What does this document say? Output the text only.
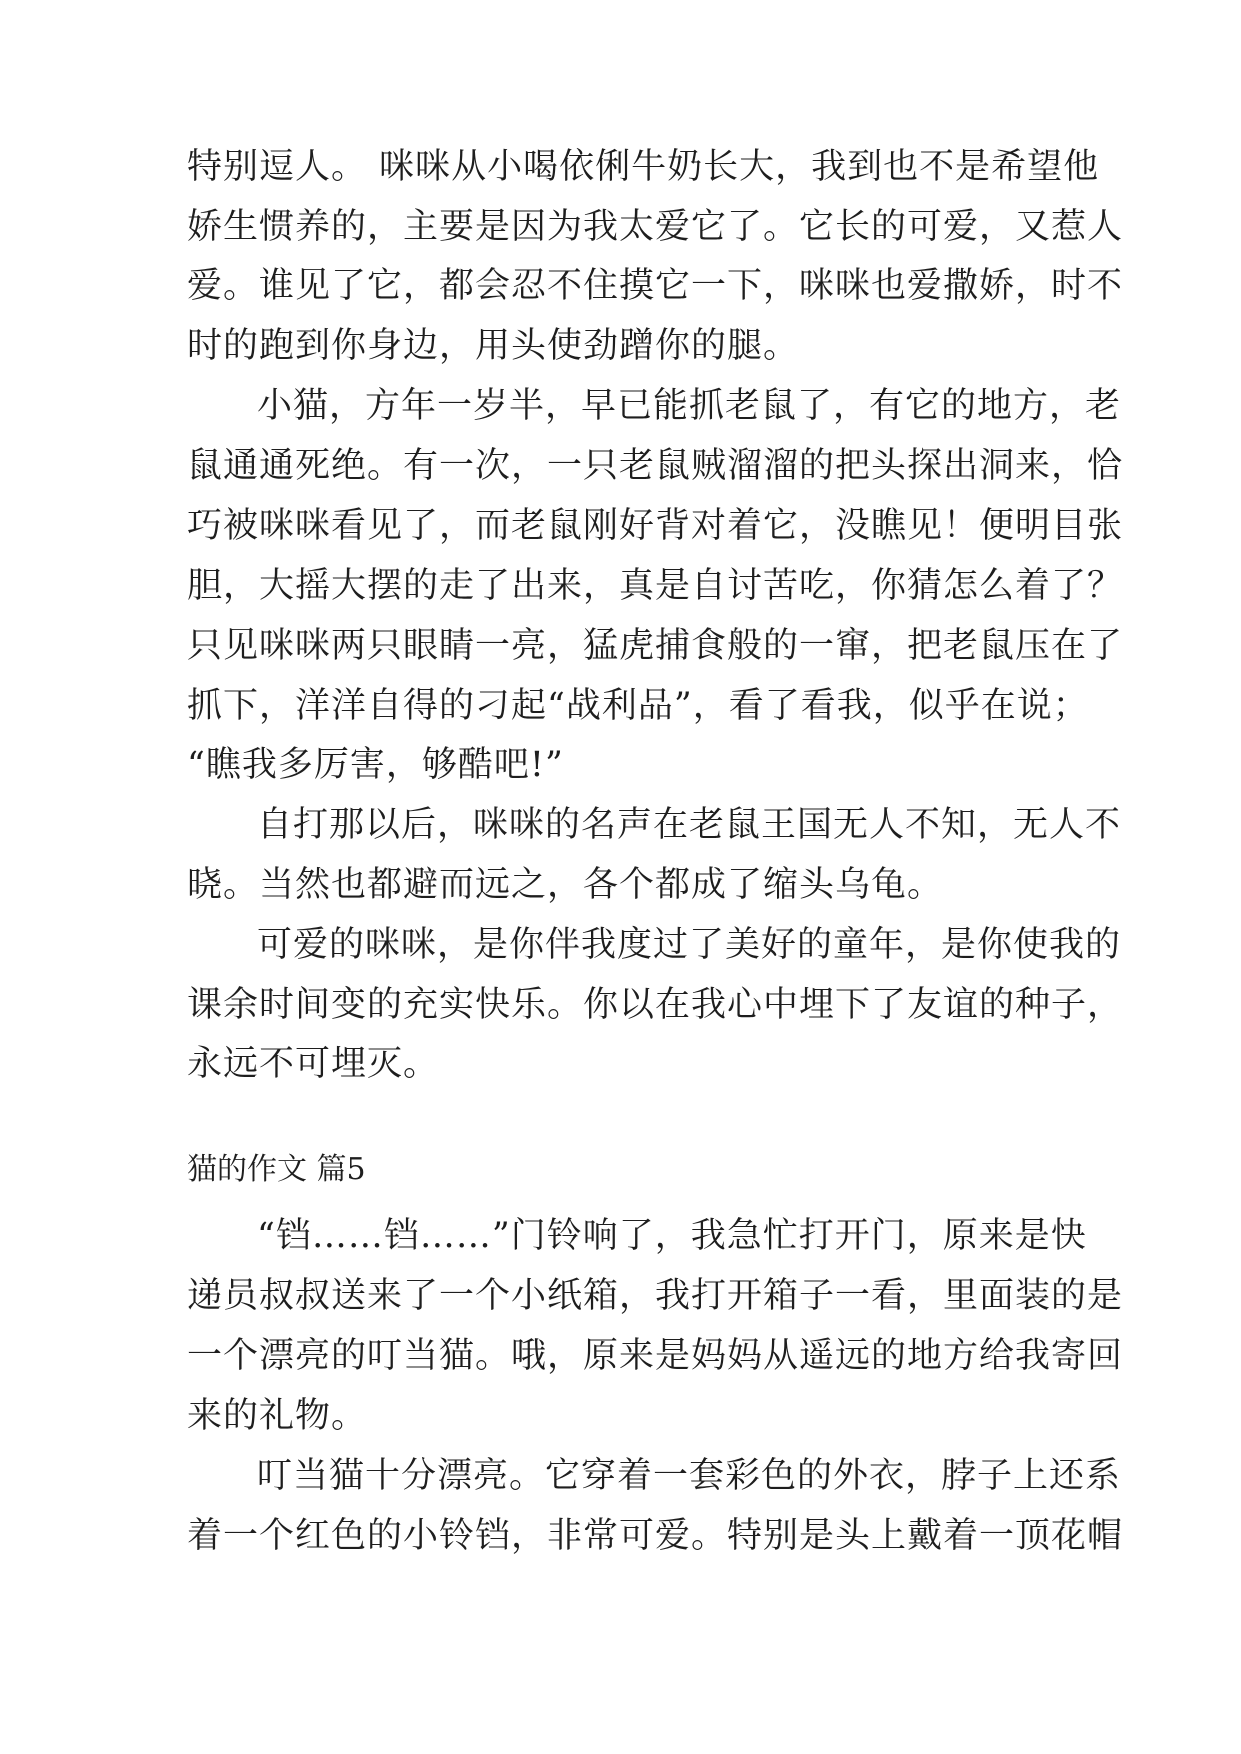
特别逗人。 咪咪从小喝依俐牛奶长大，我到也不是希望他
娇生惯养的，主要是因为我太爱它了。它长的可爱，又惹人
爱。谁见了它，都会忍不住摸它一下，咪咪也爱撒娇，时不
时的跑到你身边，用头使劲蹭你的腿。
小猫，方年一岁半，早已能抓老鼠了，有它的地方，老
鼠通通死绝。有一次，一只老鼠贼溜溜的把头探出洞来，恰
巧被咪咪看见了，而老鼠刚好背对着它，没瞧见！便明目张
胆，大摇大摆的走了出来，真是自讨苦吃，你猜怎么着了？
只见咪咪两只眼睛一亮，猛虎捕食般的一窜，把老鼠压在了
抓下，洋洋自得的刁起“战利品”，看了看我，似乎在说；
“瞧我多厉害，够酷吧!”
自打那以后，咪咪的名声在老鼠王国无人不知，无人不
晓。当然也都避而远之，各个都成了缩头乌龟。
可爱的咪咪，是你伴我度过了美好的童年，是你使我的
课余时间变的充实快乐。你以在我心中埋下了友谊的种子，
永远不可埋灭。
猫的作文 篇5
“铛……铛……”门铃响了，我急忙打开门，原来是快
递员叔叔送来了一个小纸箱，我打开箱子一看，里面装的是
一个漂亮的叮当猫。哦，原来是妈妈从遥远的地方给我寄回
来的礼物。
叮当猫十分漂亮。它穿着一套彩色的外衣，脖子上还系
着一个红色的小铃铛，非常可爱。特别是头上戴着一顶花帽
